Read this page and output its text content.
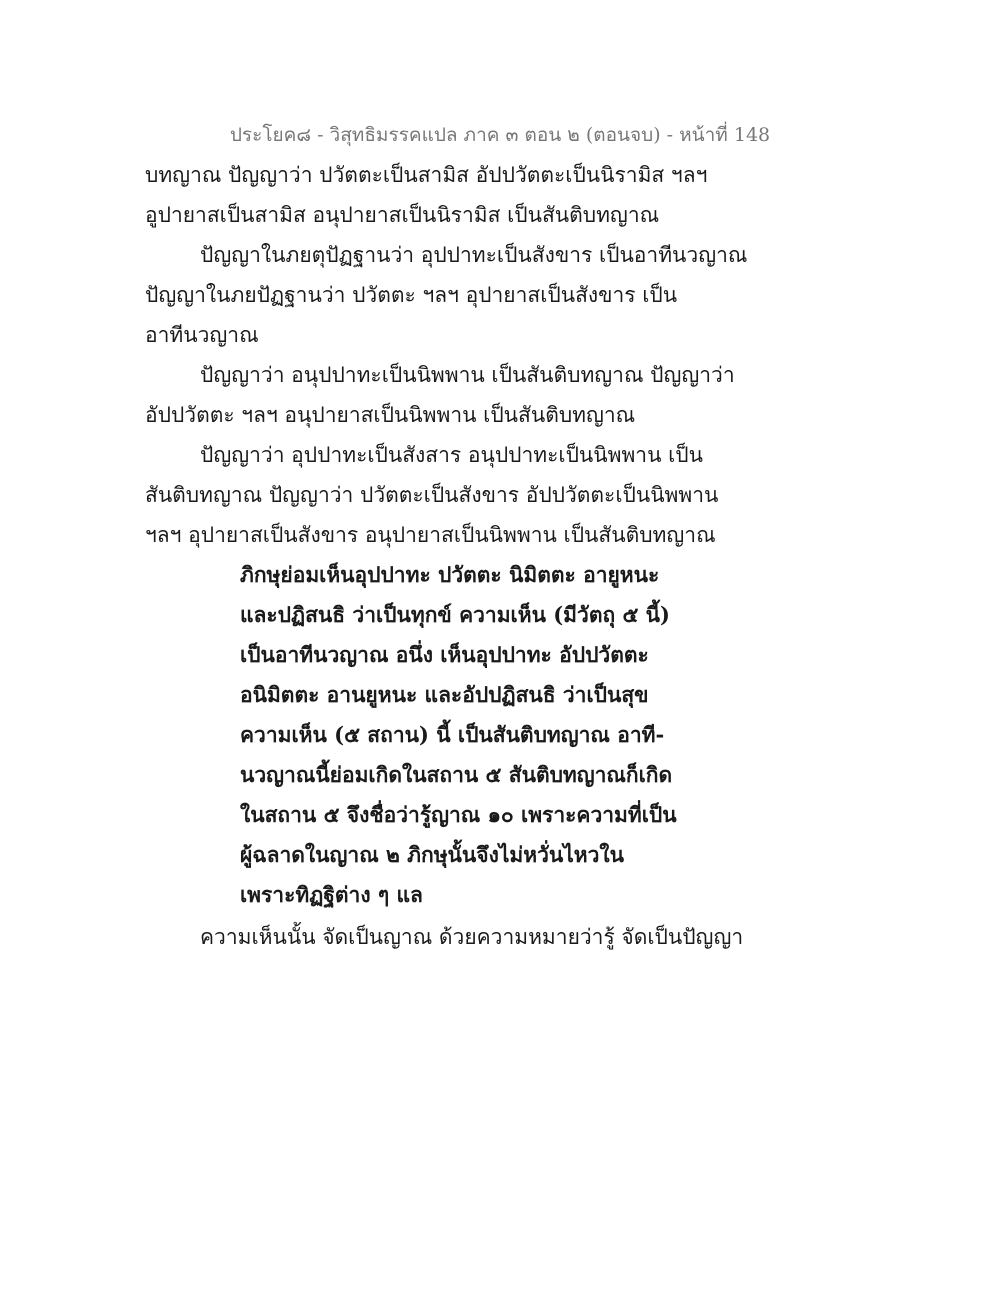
ประโยค๘ - วิสุทธิมรรคแปล ภาค ๓ ตอน ๒ (ตอนจบ) - หน้าที่ 148
บทญาณ ปัญญาว่า ปวัตตะเป็นสามิส อัปปวัตตะเป็นนิรามิส ฯลฯ
อูปายาสเป็นสามิส อนุปายาสเป็นนิรามิส เป็นสันติบทญาณ
ปัญญาในภยตุปัฏฐานว่า อุปปาทะเป็นสังขาร เป็นอาทีนวญาณ
ปัญญาในภยปัฏฐานว่า ปวัตตะ ฯลฯ อุปายาสเป็นสังขาร เป็น
อาทีนวญาณ
ปัญญาว่า อนุปปาทะเป็นนิพพาน เป็นสันติบทญาณ ปัญญาว่า
อัปปวัตตะ ฯลฯ อนุปายาสเป็นนิพพาน เป็นสันติบทญาณ
ปัญญาว่า อุปปาทะเป็นสังสาร อนุปปาทะเป็นนิพพาน เป็น
สันติบทญาณ ปัญญาว่า ปวัตตะเป็นสังขาร อัปปวัตตะเป็นนิพพาน
ฯลฯ อุปายาสเป็นสังขาร อนุปายาสเป็นนิพพาน เป็นสันติบทญาณ
ภิกษุย่อมเห็นอุปปาทะ ปวัตตะ นิมิตตะ อายูหนะ
และปฏิสนธิ ว่าเป็นทุกข์ ความเห็น (มีวัตถุ ๕ นี้)
เป็นอาทีนวญาณ อนึ่ง เห็นอุปปาทะ อัปปวัตตะ
อนิมิตตะ อานยูหนะ และอัปปฏิสนธิ ว่าเป็นสุข
ความเห็น (๕ สถาน) นี้ เป็นสันติบทญาณ อาที-
นวญาณนี้ย่อมเกิดในสถาน ๕ สันติบทญาณก็เกิด
ในสถาน ๕ จึงชื่อว่ารู้ญาณ ๑๐ เพราะความที่เป็น
ผู้ฉลาดในญาณ ๒ ภิกษุนั้นจึงไม่หวั่นไหวใน
เพราะทิฏฐิต่าง ๆ แล
ความเห็นนั้น จัดเป็นญาณ ด้วยความหมายว่ารู้ จัดเป็นปัญญา
